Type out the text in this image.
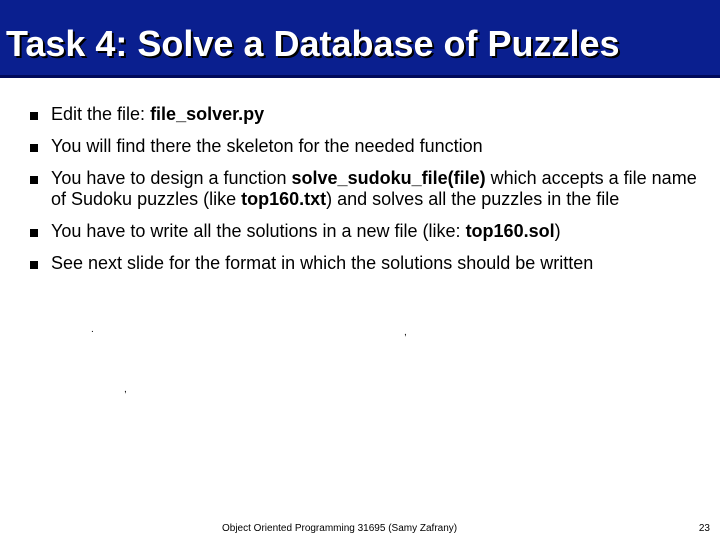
Task 4: Solve a Database of Puzzles
Edit the file: file_solver.py
You will find there the skeleton for the needed function
You have to design a function solve_sudoku_file(file) which accepts a file name of Sudoku puzzles (like top160.txt) and solves all the puzzles in the file
You have to write all the solutions in a new file (like: top160.sol)
See next slide for the format in which the solutions should be written
.	,
,
Object Oriented Programming 31695 (Samy Zafrany)	23
